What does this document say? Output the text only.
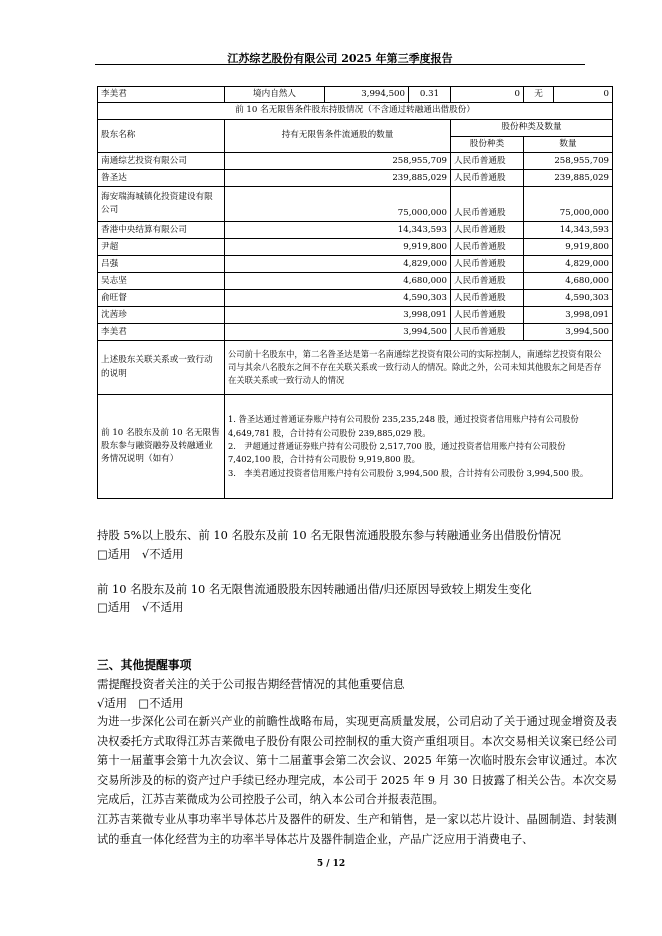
江苏综艺股份有限公司 2025 年第三季度报告
李美君	境内自然人	3,994,500	0.31	0	无	0
前 10 名无限售条件股东持股情况（不含通过转融通出借股份）						
股东名称	持有无限售条件流通股的数量			股份种类及数量		
				股份种类	数量	
南通综艺投资有限公司	258,955,709			人民币普通股	258,955,709	
昝圣达	239,885,029			人民币普通股	239,885,029	
海安瑞海城镇化投资建设有限公司	75,000,000			人民币普通股	75,000,000	
香港中央结算有限公司	14,343,593			人民币普通股	14,343,593	
尹超	9,919,800			人民币普通股	9,919,800	
吕强	4,829,000			人民币普通股	4,829,000	
吴志坚	4,680,000			人民币普通股	4,680,000	
俞旺督	4,590,303			人民币普通股	4,590,303	
沈茜珍	3,998,091			人民币普通股	3,998,091	
李美君	3,994,500			人民币普通股	3,994,500	
上述股东关联关系或一致行动的说明	公司前十名股东中，第二名昝圣达是第一名南通综艺投资有限公司的实际控制人，南通综艺投资有限公司与其余八名股东之间不存在关联关系或一致行动人的情况。除此之外，公司未知其他股东之间是否存在关联关系或一致行动人的情况					
前 10 名股东及前 10 名无限售股东参与融资融券及转融通业务情况说明（如有）	1. 昝圣达通过普通证券账户持有公司股份 235,235,248 股，通过投资者信用账户持有公司股份 4,649,781 股，合计持有公司股份 239,885,029 股。
2.　尹超通过普通证券账户持有公司股份 2,517,700 股，通过投资者信用账户持有公司股份 7,402,100 股，合计持有公司股份 9,919,800 股。
3.　李美君通过投资者信用账户持有公司股份 3,994,500 股，合计持有公司股份 3,994,500 股。					
持股 5%以上股东、前 10 名股东及前 10 名无限售流通股股东参与转融通业务出借股份情况
□适用　√不适用
前 10 名股东及前 10 名无限售流通股股东因转融通出借/归还原因导致较上期发生变化
□适用　√不适用
三、其他提醒事项
需提醒投资者关注的关于公司报告期经营情况的其他重要信息
√适用　□不适用
为进一步深化公司在新兴产业的前瞻性战略布局，实现更高质量发展，公司启动了关于通过现金增资及表决权委托方式取得江苏吉莱微电子股份有限公司控制权的重大资产重组项目。本次交易相关议案已经公司第十一届董事会第十九次会议、第十二届董事会第二次会议、2025 年第一次临时股东会审议通过。本次交易所涉及的标的资产过户手续已经办理完成，本公司于 2025 年 9 月 30 日披露了相关公告。本次交易完成后，江苏吉莱微成为公司控股子公司，纳入本公司合并报表范围。
江苏吉莱微专业从事功率半导体芯片及器件的研发、生产和销售，是一家以芯片设计、晶圆制造、封装测试的垂直一体化经营为主的功率半导体芯片及器件制造企业，产品广泛应用于消费电子、
5 / 12
